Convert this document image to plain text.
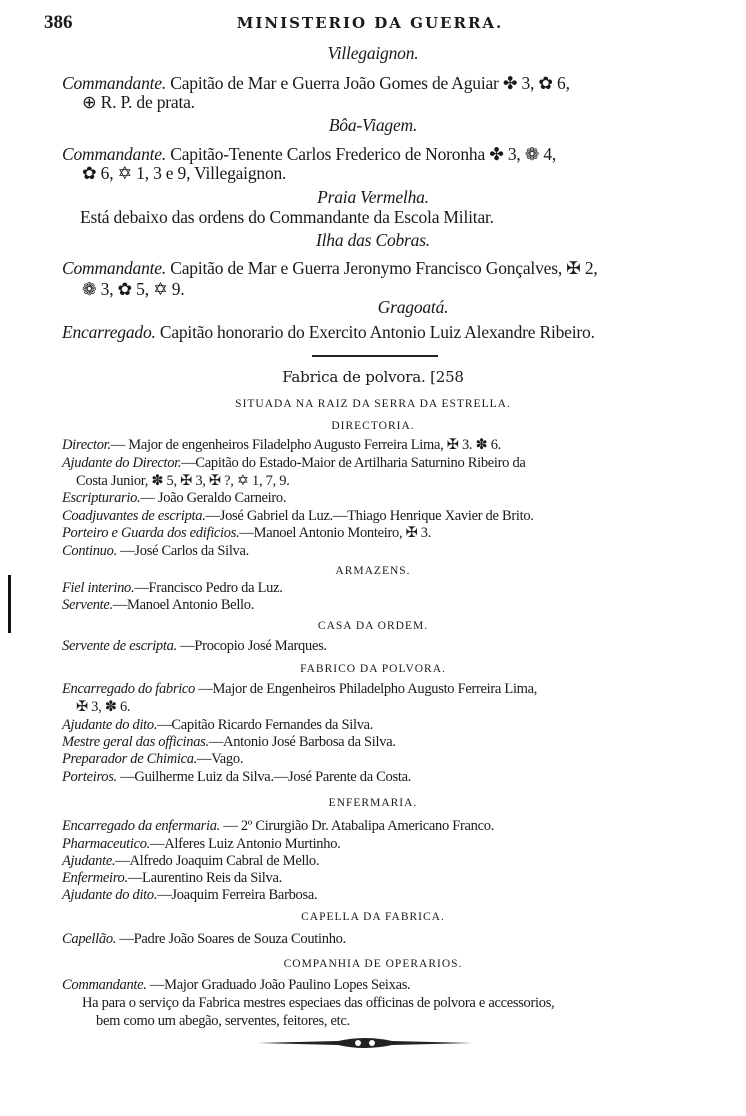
386	MINISTERIO DA GUERRA.
Villegaignon.
Commandante. Capitão de Mar e Guerra João Gomes de Aguiar ✤ 3, ✿ 6,
⊕ R. P. de prata.
Bôa-Viagem.
Commandante. Capitão-Tenente Carlos Frederico de Noronha ✤ 3, ❁ 4,
✿ 6, ✡ 1, 3 e 9, Villegaignon.
Praia Vermelha.
Está debaixo das ordens do Commandante da Escola Militar.
Ilha das Cobras.
Commandante. Capitão de Mar e Guerra Jeronymo Francisco Gonçalves, ✠ 2,
❁ 3, ✿ 5, ✡ 9.
Gragoatá.
Encarregado. Capitão honorario do Exercito Antonio Luiz Alexandre Ribeiro.
Fabrica de polvora. [258
SITUADA NA RAIZ DA SERRA DA ESTRELLA.
DIRECTORIA.
Director.— Major de engenheiros Filadelpho Augusto Ferreira Lima, ✠ 3. ✽ 6.
Ajudante do Director.—Capitão do Estado-Maior de Artilharia Saturnino Ribeiro da
Costa Junior, ✽ 5, ✠ 3, ✠ ?, ✡ 1, 7, 9.
Escripturario.— João Geraldo Carneiro.
Coadjuvantes de escripta.—José Gabriel da Luz.—Thiago Henrique Xavier de Brito.
Porteiro e Guarda dos edificios.—Manoel Antonio Monteiro, ✠ 3.
Continuo. —José Carlos da Silva.
ARMAZENS.
Fiel interino.—Francisco Pedro da Luz.
Servente.—Manoel Antonio Bello.
CASA DA ORDEM.
Servente de escripta. —Procopio José Marques.
FABRICO DA POLVORA.
Encarregado do fabrico —Major de Engenheiros Philadelpho Augusto Ferreira Lima,
✠ 3, ✽ 6.
Ajudante do dito.—Capitão Ricardo Fernandes da Silva.
Mestre geral das officinas.—Antonio José Barbosa da Silva.
Preparador de Chimica.—Vago.
Porteiros. —Guilherme Luiz da Silva.—José Parente da Costa.
ENFERMARIA.
Encarregado da enfermaria. — 2º Cirurgião Dr. Atabalipa Americano Franco.
Pharmaceutico.—Alferes Luiz Antonio Murtinho.
Ajudante.—Alfredo Joaquim Cabral de Mello.
Enfermeiro.—Laurentino Reis da Silva.
Ajudante do dito.—Joaquim Ferreira Barbosa.
CAPELLA DA FABRICA.
Capellão. —Padre João Soares de Souza Coutinho.
COMPANHIA DE OPERARIOS.
Commandante. —Major Graduado João Paulino Lopes Seixas.
Ha para o serviço da Fabrica mestres especiaes das officinas de polvora e accessorios,
bem como um abegão, serventes, feitores, etc.
